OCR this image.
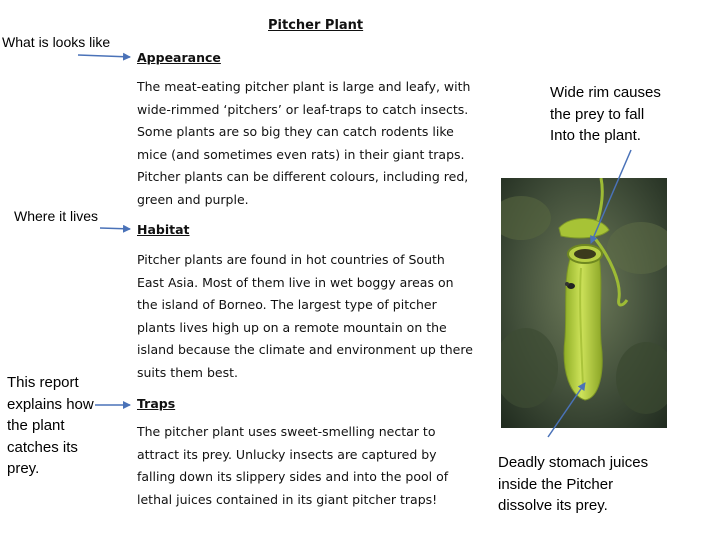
Pitcher Plant
Appearance
The meat-eating pitcher plant is large and leafy, with
wide-rimmed ‘pitchers’ or leaf-traps to catch insects.
Some plants are so big they can catch rodents like
mice (and sometimes even rats) in their giant traps.
Pitcher plants can be different colours, including red,
green and purple.
Habitat
Pitcher plants are found in hot countries of South
East Asia. Most of them live in wet boggy areas on
the island of Borneo. The largest type of pitcher
plants lives high up on a remote mountain on the
island because the climate and environment up there
suits them best.
Traps
The pitcher plant uses sweet-smelling nectar to
attract its prey. Unlucky insects are captured by
falling down its slippery sides and into the pool of
lethal juices contained in its giant pitcher traps!
What is looks like
Where it lives
This report
explains how
the plant
catches its
prey.
Wide rim causes
the prey to fall
Into the plant.
Deadly stomach juices
inside the Pitcher
dissolve its prey.
